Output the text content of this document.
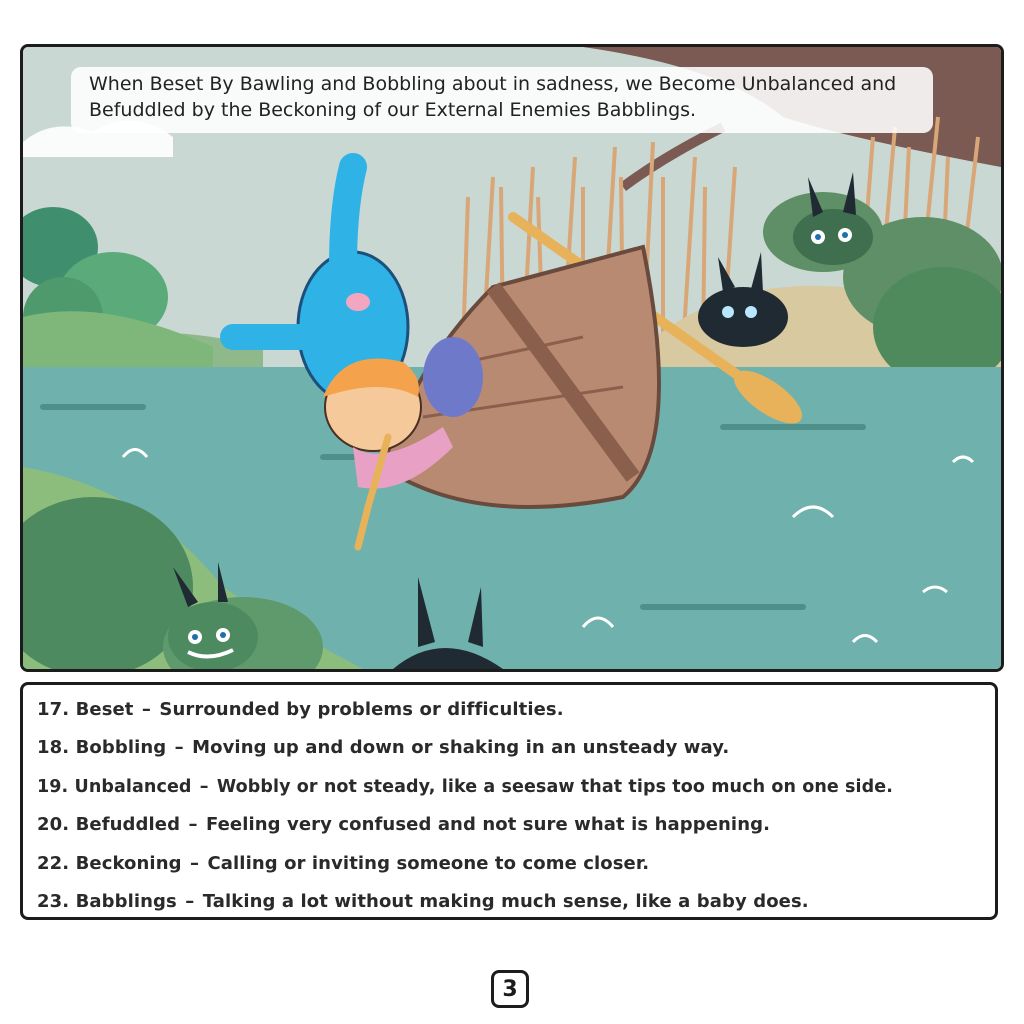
When Beset By Bawling and Bobbling about in sadness, we Become Unbalanced and

Befuddled by the Beckoning of our External Enemies Babblings.

17. Beset – Surrounded by problems or difficulties.
18. Bobbling – Moving up and down or shaking in an unsteady way.
19. Unbalanced – Wobbly or not steady, like a seesaw that tips too much on one side.
20. Befuddled – Feeling very confused and not sure what is happening.
22. Beckoning – Calling or inviting someone to come closer.
23. Babblings – Talking a lot without making much sense, like a baby does.
3
